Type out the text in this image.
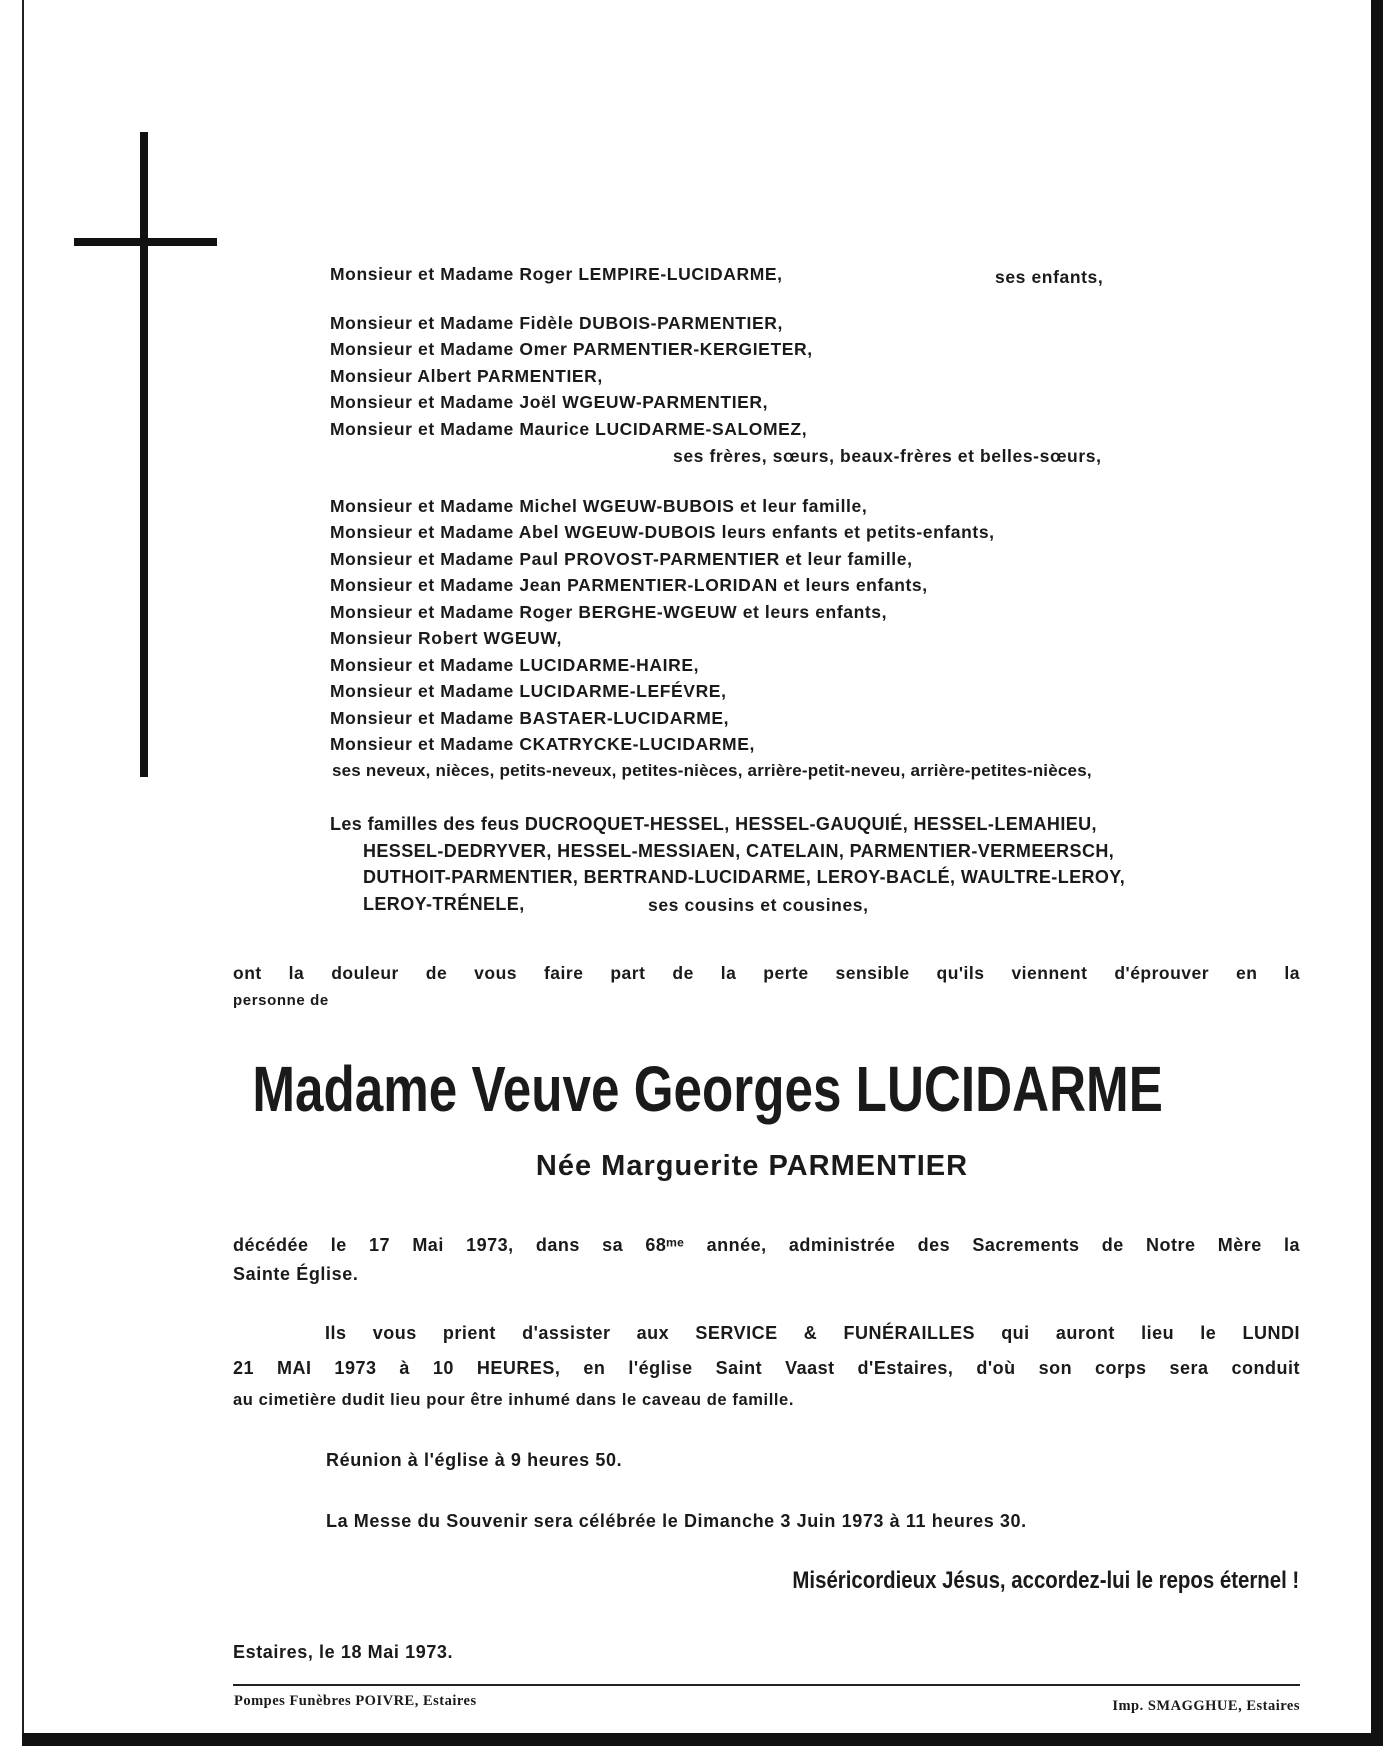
Monsieur et Madame Roger LEMPIRE-LUCIDARME,	ses enfants,
Monsieur et Madame Fidèle DUBOIS-PARMENTIER,
Monsieur et Madame Omer PARMENTIER-KERGIETER,
Monsieur Albert PARMENTIER,
Monsieur et Madame Joël WGEUW-PARMENTIER,
Monsieur et Madame Maurice LUCIDARME-SALOMEZ,
ses frères, sœurs, beaux-frères et belles-sœurs,
Monsieur et Madame Michel WGEUW-BUBOIS et leur famille,
Monsieur et Madame Abel WGEUW-DUBOIS leurs enfants et petits-enfants,
Monsieur et Madame Paul PROVOST-PARMENTIER et leur famille,
Monsieur et Madame Jean PARMENTIER-LORIDAN et leurs enfants,
Monsieur et Madame Roger BERGHE-WGEUW et leurs enfants,
Monsieur Robert WGEUW,
Monsieur et Madame LUCIDARME-HAIRE,
Monsieur et Madame LUCIDARME-LEFÉVRE,
Monsieur et Madame BASTAER-LUCIDARME,
Monsieur et Madame CKATRYCKE-LUCIDARME,
ses neveux, nièces, petits-neveux, petites-nièces, arrière-petit-neveu, arrière-petites-nièces,
Les familles des feus DUCROQUET-HESSEL, HESSEL-GAUQUIÉ, HESSEL-LEMAHIEU,
HESSEL-DEDRYVER, HESSEL-MESSIAEN, CATELAIN, PARMENTIER-VERMEERSCH,
DUTHOIT-PARMENTIER, BERTRAND-LUCIDARME, LEROY-BACLÉ, WAULTRE-LEROY,
LEROY-TRÉNELE,	ses cousins et cousines,
ont la douleur de vous faire part de la perte sensible qu'ils viennent d'éprouver en la
personne de
Madame Veuve Georges LUCIDARME
Née Marguerite PARMENTIER
décédée le 17 Mai 1973, dans sa 68ᵐᵉ année, administrée des Sacrements de Notre Mère la
Sainte Église.
Ils vous prient d'assister aux SERVICE & FUNÉRAILLES qui auront lieu le LUNDI
21 MAI 1973 à 10 HEURES, en l'église Saint Vaast d'Estaires, d'où son corps sera conduit
au cimetière dudit lieu pour être inhumé dans le caveau de famille.
Réunion à l'église à 9 heures 50.
La Messe du Souvenir sera célébrée le Dimanche 3 Juin 1973 à 11 heures 30.
Miséricordieux Jésus, accordez-lui le repos éternel !
Estaires, le 18 Mai 1973.
Pompes Funèbres POIVRE, Estaires	Imp. SMAGGHUE, Estaires
